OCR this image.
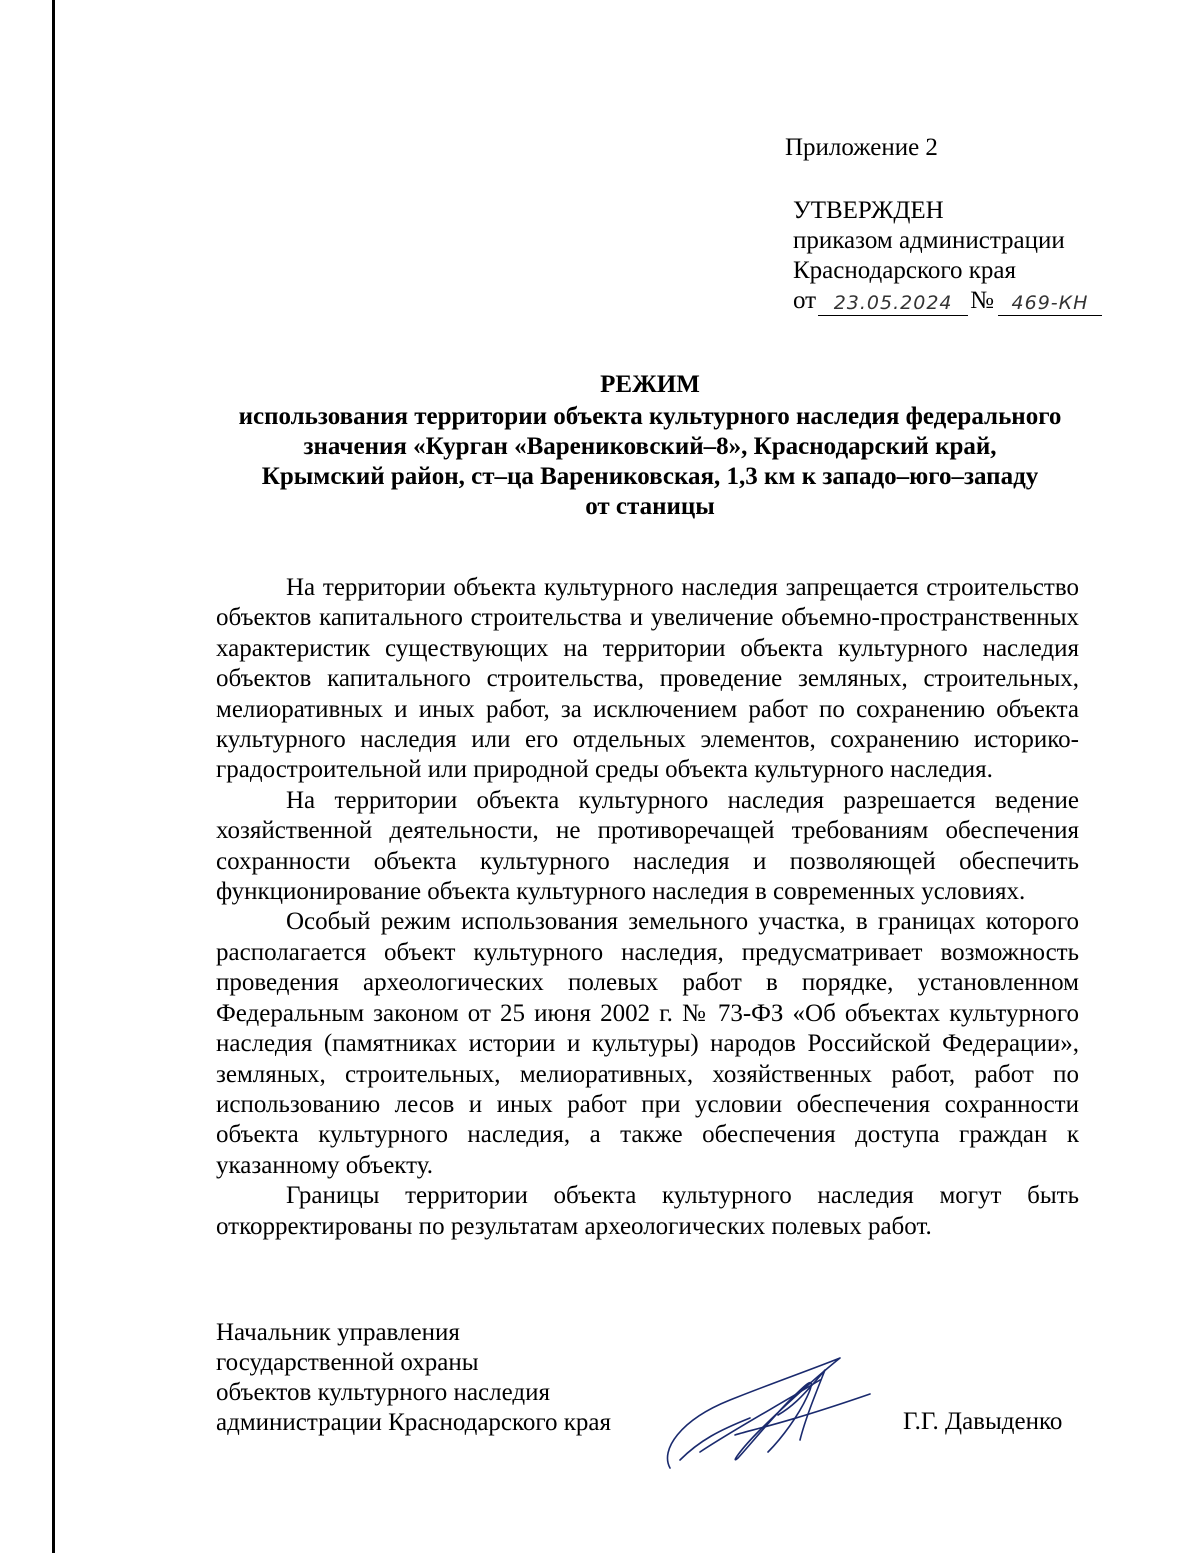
Приложение 2
УТВЕРЖДЕН
приказом администрации
Краснодарского края
от 23.05.2024 № 469-КН
РЕЖИМ
использования территории объекта культурного наследия федерального
значения «Курган «Варениковский–8», Краснодарский край,
Крымский район, ст–ца Варениковская, 1,3 км к западо–юго–западу
от станицы

На территории объекта культурного наследия запрещается строительство объектов капитального строительства и увеличение объемно-пространственных характеристик существующих на территории объекта культурного наследия объектов капитального строительства, проведение земляных, строительных, мелиоративных и иных работ, за исключением работ по сохранению объекта культурного наследия или его отдельных элементов, сохранению историко-градостроительной или природной среды объекта культурного наследия.

На территории объекта культурного наследия разрешается ведение хозяйственной деятельности, не противоречащей требованиям обеспечения сохранности объекта культурного наследия и позволяющей обеспечить функционирование объекта культурного наследия в современных условиях.

Особый режим использования земельного участка, в границах которого располагается объект культурного наследия, предусматривает возможность проведения археологических полевых работ в порядке, установленном Федеральным законом от 25 июня 2002 г. № 73-ФЗ «Об объектах культурного наследия (памятниках истории и культуры) народов Российской Федерации», земляных, строительных, мелиоративных, хозяйственных работ, работ по использованию лесов и иных работ при условии обеспечения сохранности объекта культурного наследия, а также обеспечения доступа граждан к указанному объекту.

Границы территории объекта культурного наследия могут быть откорректированы по результатам археологических полевых работ.

Начальник управления
государственной охраны
объектов культурного наследия
администрации Краснодарского края	Г.Г. Давыденко
